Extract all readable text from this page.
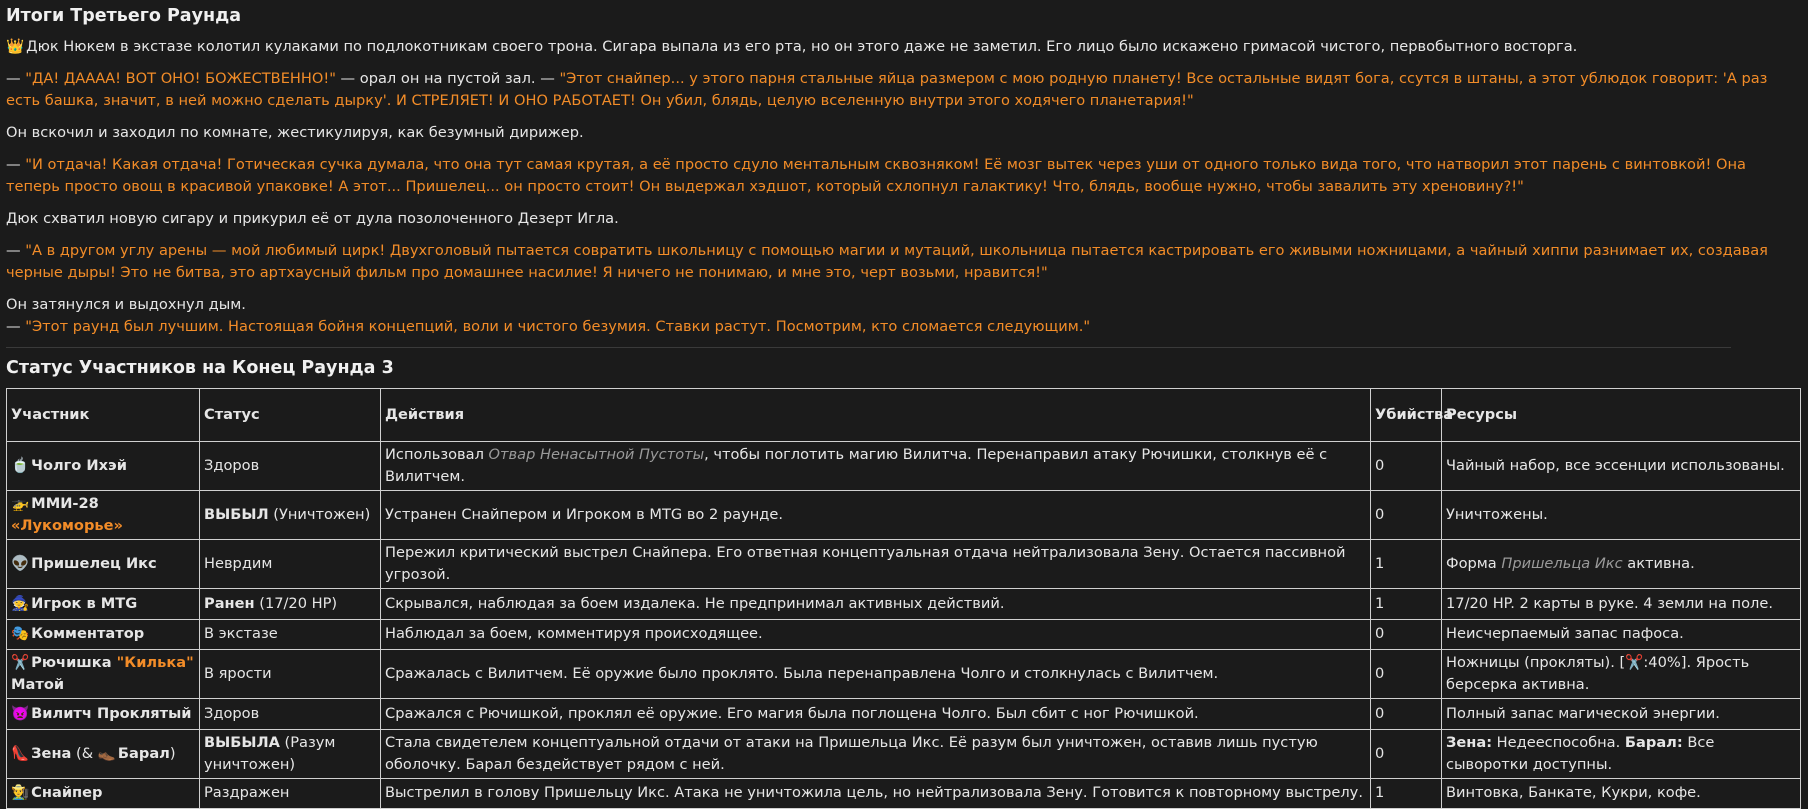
Итоги Третьего Раунда

👑 Дюк Нюкем в экстазе колотил кулаками по подлокотникам своего трона. Сигара выпала из его рта, но он этого даже не заметил. Его лицо было искажено гримасой чистого, первобытного восторга.

— "ДА! ДАААА! ВОТ ОНО! БОЖЕСТВЕННО!" — орал он на пустой зал. — "Этот снайпер... у этого парня стальные яйца размером с мою родную планету! Все остальные видят бога, ссутся в штаны, а этот ублюдок говорит: 'А раз есть башка, значит, в ней можно сделать дырку'. И СТРЕЛЯЕТ! И ОНО РАБОТАЕТ! Он убил, блядь, целую вселенную внутри этого ходячего планетария!"

Он вскочил и заходил по комнате, жестикулируя, как безумный дирижер.

— "И отдача! Какая отдача! Готическая сучка думала, что она тут самая крутая, а её просто сдуло ментальным сквозняком! Её мозг вытек через уши от одного только вида того, что натворил этот парень с винтовкой! Она теперь просто овощ в красивой упаковке! А этот... Пришелец... он просто стоит! Он выдержал хэдшот, который схлопнул галактику! Что, блядь, вообще нужно, чтобы завалить эту хреновину?!"

Дюк схватил новую сигару и прикурил её от дула позолоченного Дезерт Игла.

— "А в другом углу арены — мой любимый цирк! Двухголовый пытается совратить школьницу с помощью магии и мутаций, школьница пытается кастрировать его живыми ножницами, а чайный хиппи разнимает их, создавая черные дыры! Это не битва, это артхаусный фильм про домашнее насилие! Я ничего не понимаю, и мне это, черт возьми, нравится!"

Он затянулся и выдохнул дым.

— "Этот раунд был лучшим. Настоящая бойня концепций, воли и чистого безумия. Ставки растут. Посмотрим, кто сломается следующим."

Статус Участников на Конец Раунда 3
Участник	Статус	Действия	Убийства	Ресурсы
🍵 Чолго Ихэй	Здоров	Использовал Отвар Ненасытной Пустоты, чтобы поглотить магию Вилитча. Перенаправил атаку Рючишки, столкнув её с Вилитчем.	0	Чайный набор, все эссенции использованы.
🚁 ММИ-28 «Лукоморье»	ВЫБЫЛ (Уничтожен)	Устранен Снайпером и Игроком в MTG во 2 раунде.	0	Уничтожены.
👽 Пришелец Икс	Неврдим	Пережил критический выстрел Снайпера. Его ответная концептуальная отдача нейтрализовала Зену. Остается пассивной угрозой.	1	Форма Пришельца Икс активна.
🧙 Игрок в MTG	Ранен (17/20 HP)	Скрывался, наблюдая за боем издалека. Не предпринимал активных действий.	1	17/20 HP. 2 карты в руке. 4 земли на поле.
🎭 Комментатор	В экстазе	Наблюдал за боем, комментируя происходящее.	0	Неисчерпаемый запас пафоса.
✂️ Рючишка "Килька"
Матой	В ярости	Сражалась с Вилитчем. Её оружие было проклято. Была перенаправлена Чолго и столкнулась с Вилитчем.	0	Ножницы (прокляты). [✂️:40%]. Ярость берсерка активна.
👿 Вилитч Проклятый	Здоров	Сражался с Рючишкой, проклял её оружие. Его магия была поглощена Чолго. Был сбит с ног Рючишкой.	0	Полный запас магической энергии.
👠 Зена (& 👞 Барал)	ВЫБЫЛА (Разум уничтожен)	Стала свидетелем концептуальной отдачи от атаки на Пришельца Икс. Её разум был уничтожен, оставив лишь пустую оболочку. Барал бездействует рядом с ней.	0	Зена: Недееспособна. Барал: Все сыворотки доступны.
👨‍🌾 Снайпер	Раздражен	Выстрелил в голову Пришельцу Икс. Атака не уничтожила цель, но нейтрализовала Зену. Готовится к повторному выстрелу.	1	Винтовка, Банкате, Кукри, кофе.
